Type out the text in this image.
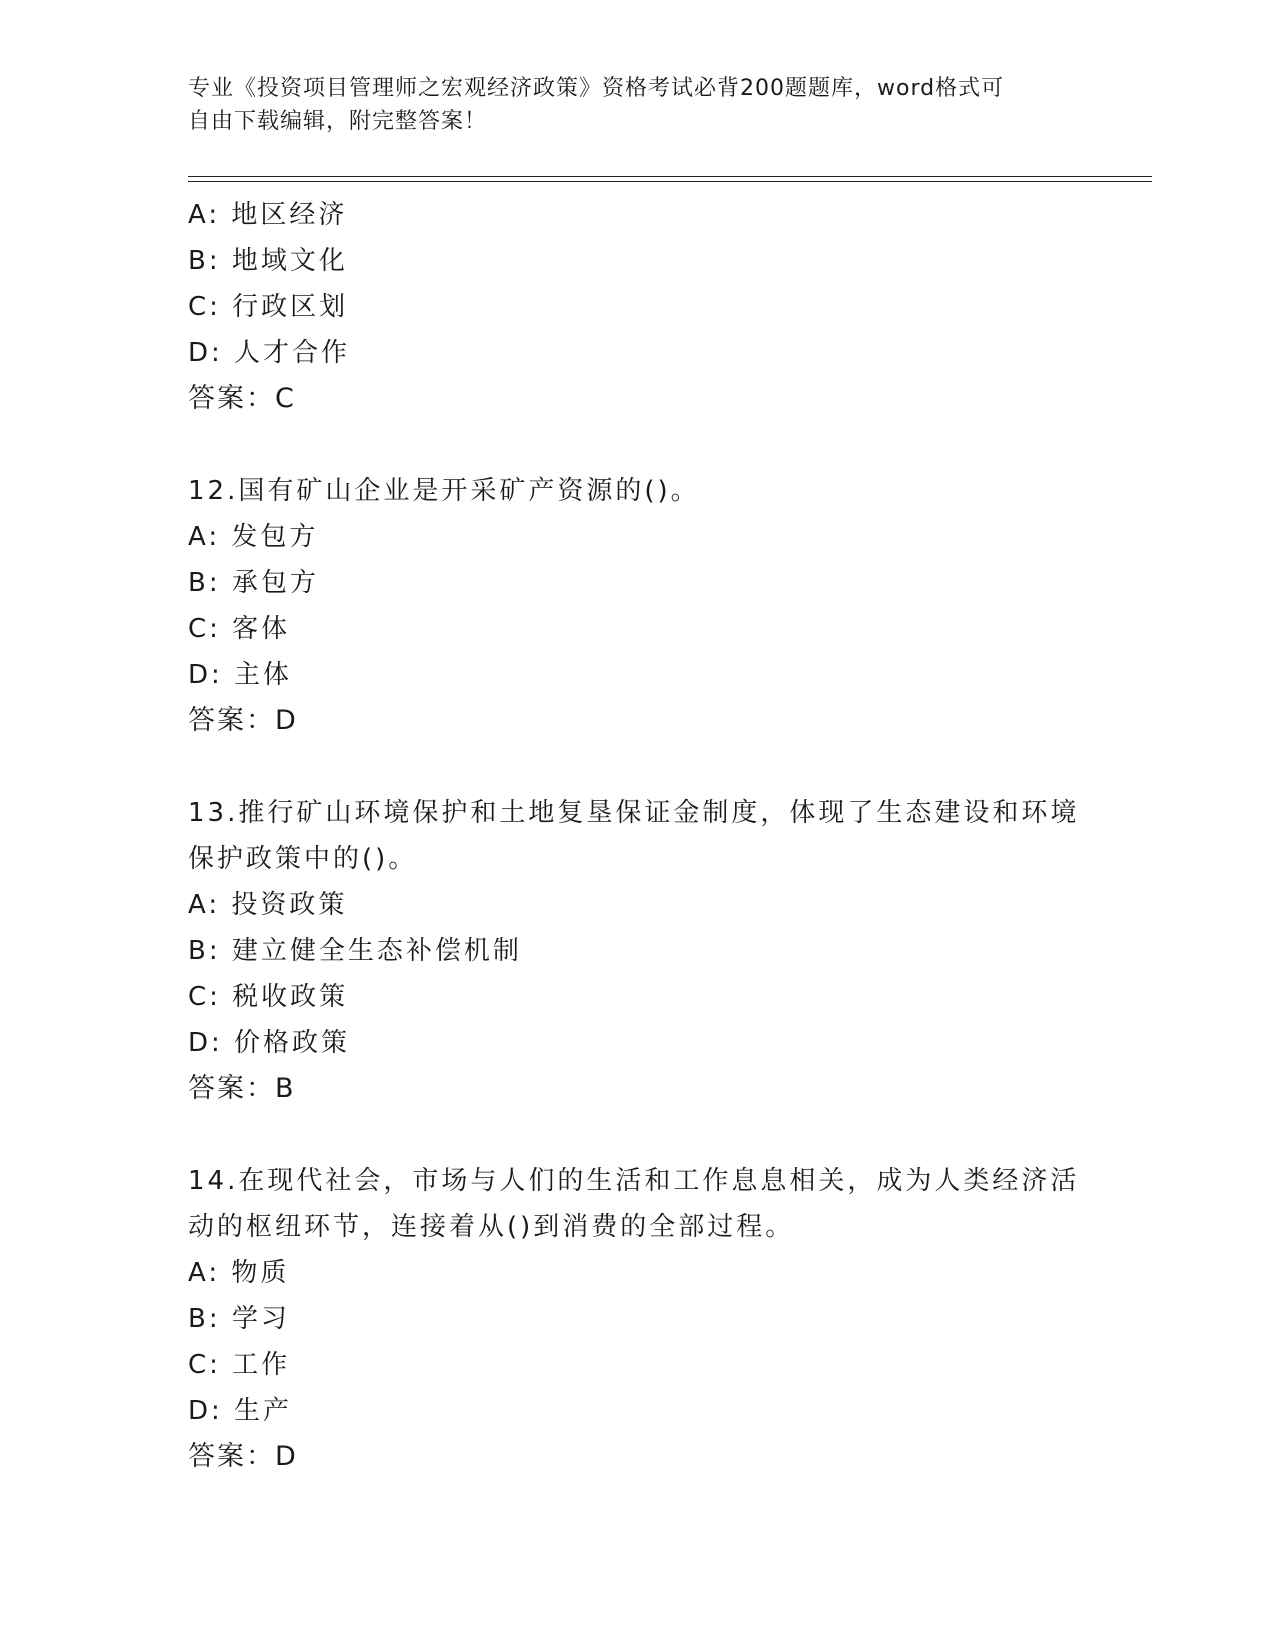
专业《投资项目管理师之宏观经济政策》资格考试必背200题题库，word格式可
自由下载编辑，附完整答案！
A: 地区经济
B: 地域文化
C: 行政区划
D: 人才合作
答案：C
12.国有矿山企业是开采矿产资源的()。
A: 发包方
B: 承包方
C: 客体
D: 主体
答案：D
13.推行矿山环境保护和土地复垦保证金制度，体现了生态建设和环境保护政策中的()。
A: 投资政策
B: 建立健全生态补偿机制
C: 税收政策
D: 价格政策
答案：B
14.在现代社会，市场与人们的生活和工作息息相关，成为人类经济活动的枢纽环节，连接着从()到消费的全部过程。
A: 物质
B: 学习
C: 工作
D: 生产
答案：D
